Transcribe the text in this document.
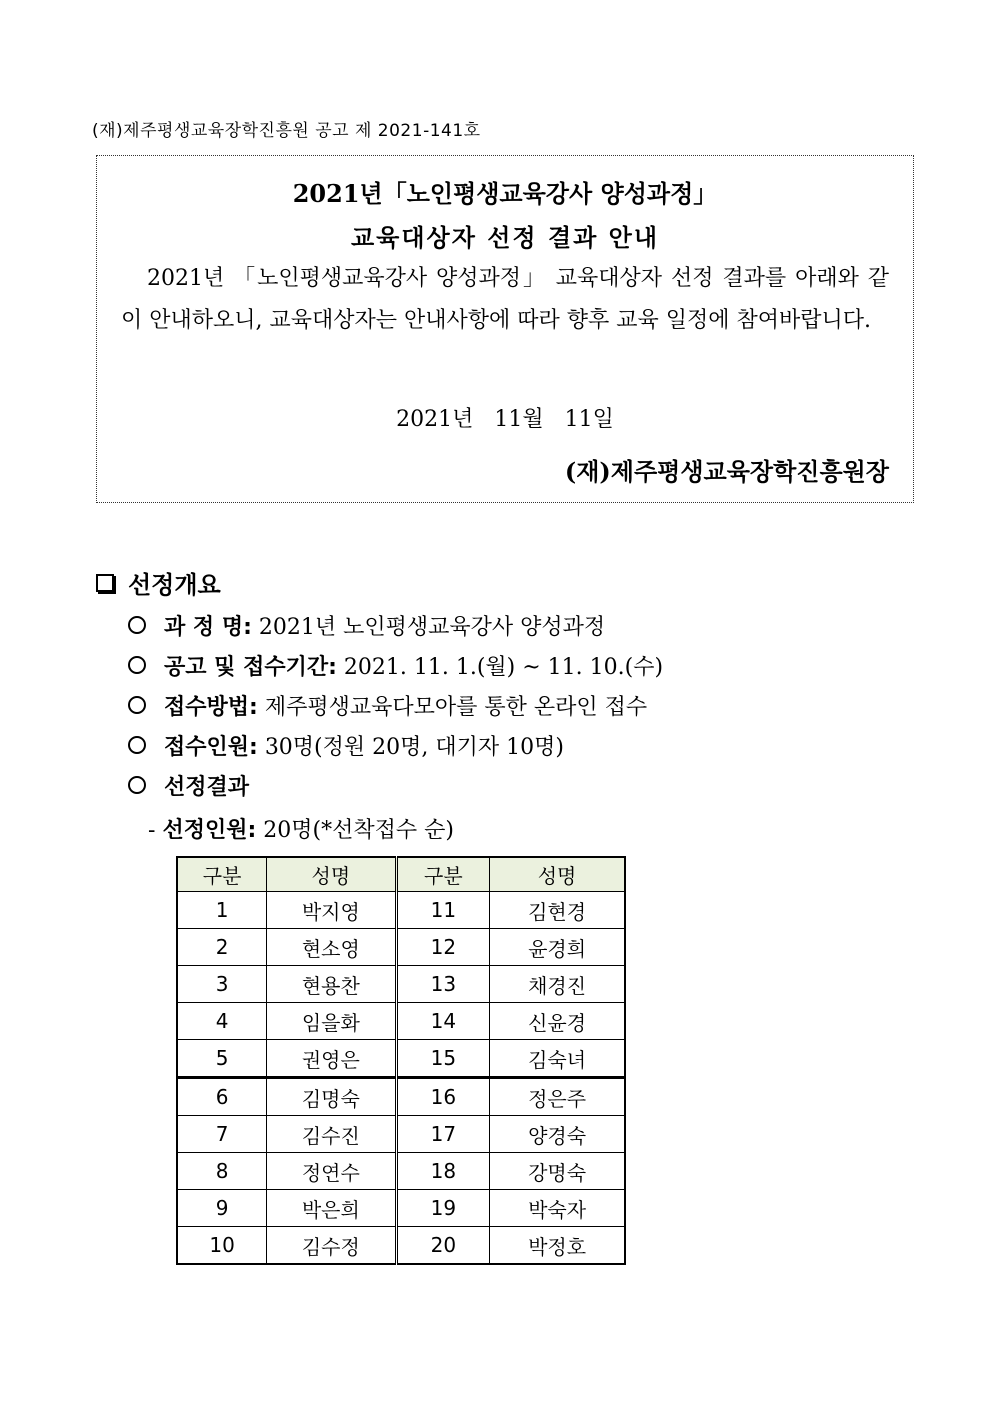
(재)제주평생교육장학진흥원 공고 제 2021-141호
2021년「노인평생교육강사 양성과정」
교육대상자 선정 결과 안내
2021년 「노인평생교육강사 양성과정」 교육대상자 선정 결과를 아래와 같이 안내하오니, 교육대상자는 안내사항에 따라 향후 교육 일정에 참여바랍니다.
2021년 11월 11일
(재)제주평생교육장학진흥원장
선정개요
과 정 명: 2021년 노인평생교육강사 양성과정
공고 및 접수기간: 2021. 11. 1.(월) ~ 11. 10.(수)
접수방법: 제주평생교육다모아를 통한 온라인 접수
접수인원: 30명(정원 20명, 대기자 10명)
선정결과
- 선정인원: 20명(*선착접수 순)
구분	성명	구분	성명
1	박지영	11	김현경
2	현소영	12	윤경희
3	현용찬	13	채경진
4	임을화	14	신윤경
5	권영은	15	김숙녀
6	김명숙	16	정은주
7	김수진	17	양경숙
8	정연수	18	강명숙
9	박은희	19	박숙자
10	김수정	20	박정호
